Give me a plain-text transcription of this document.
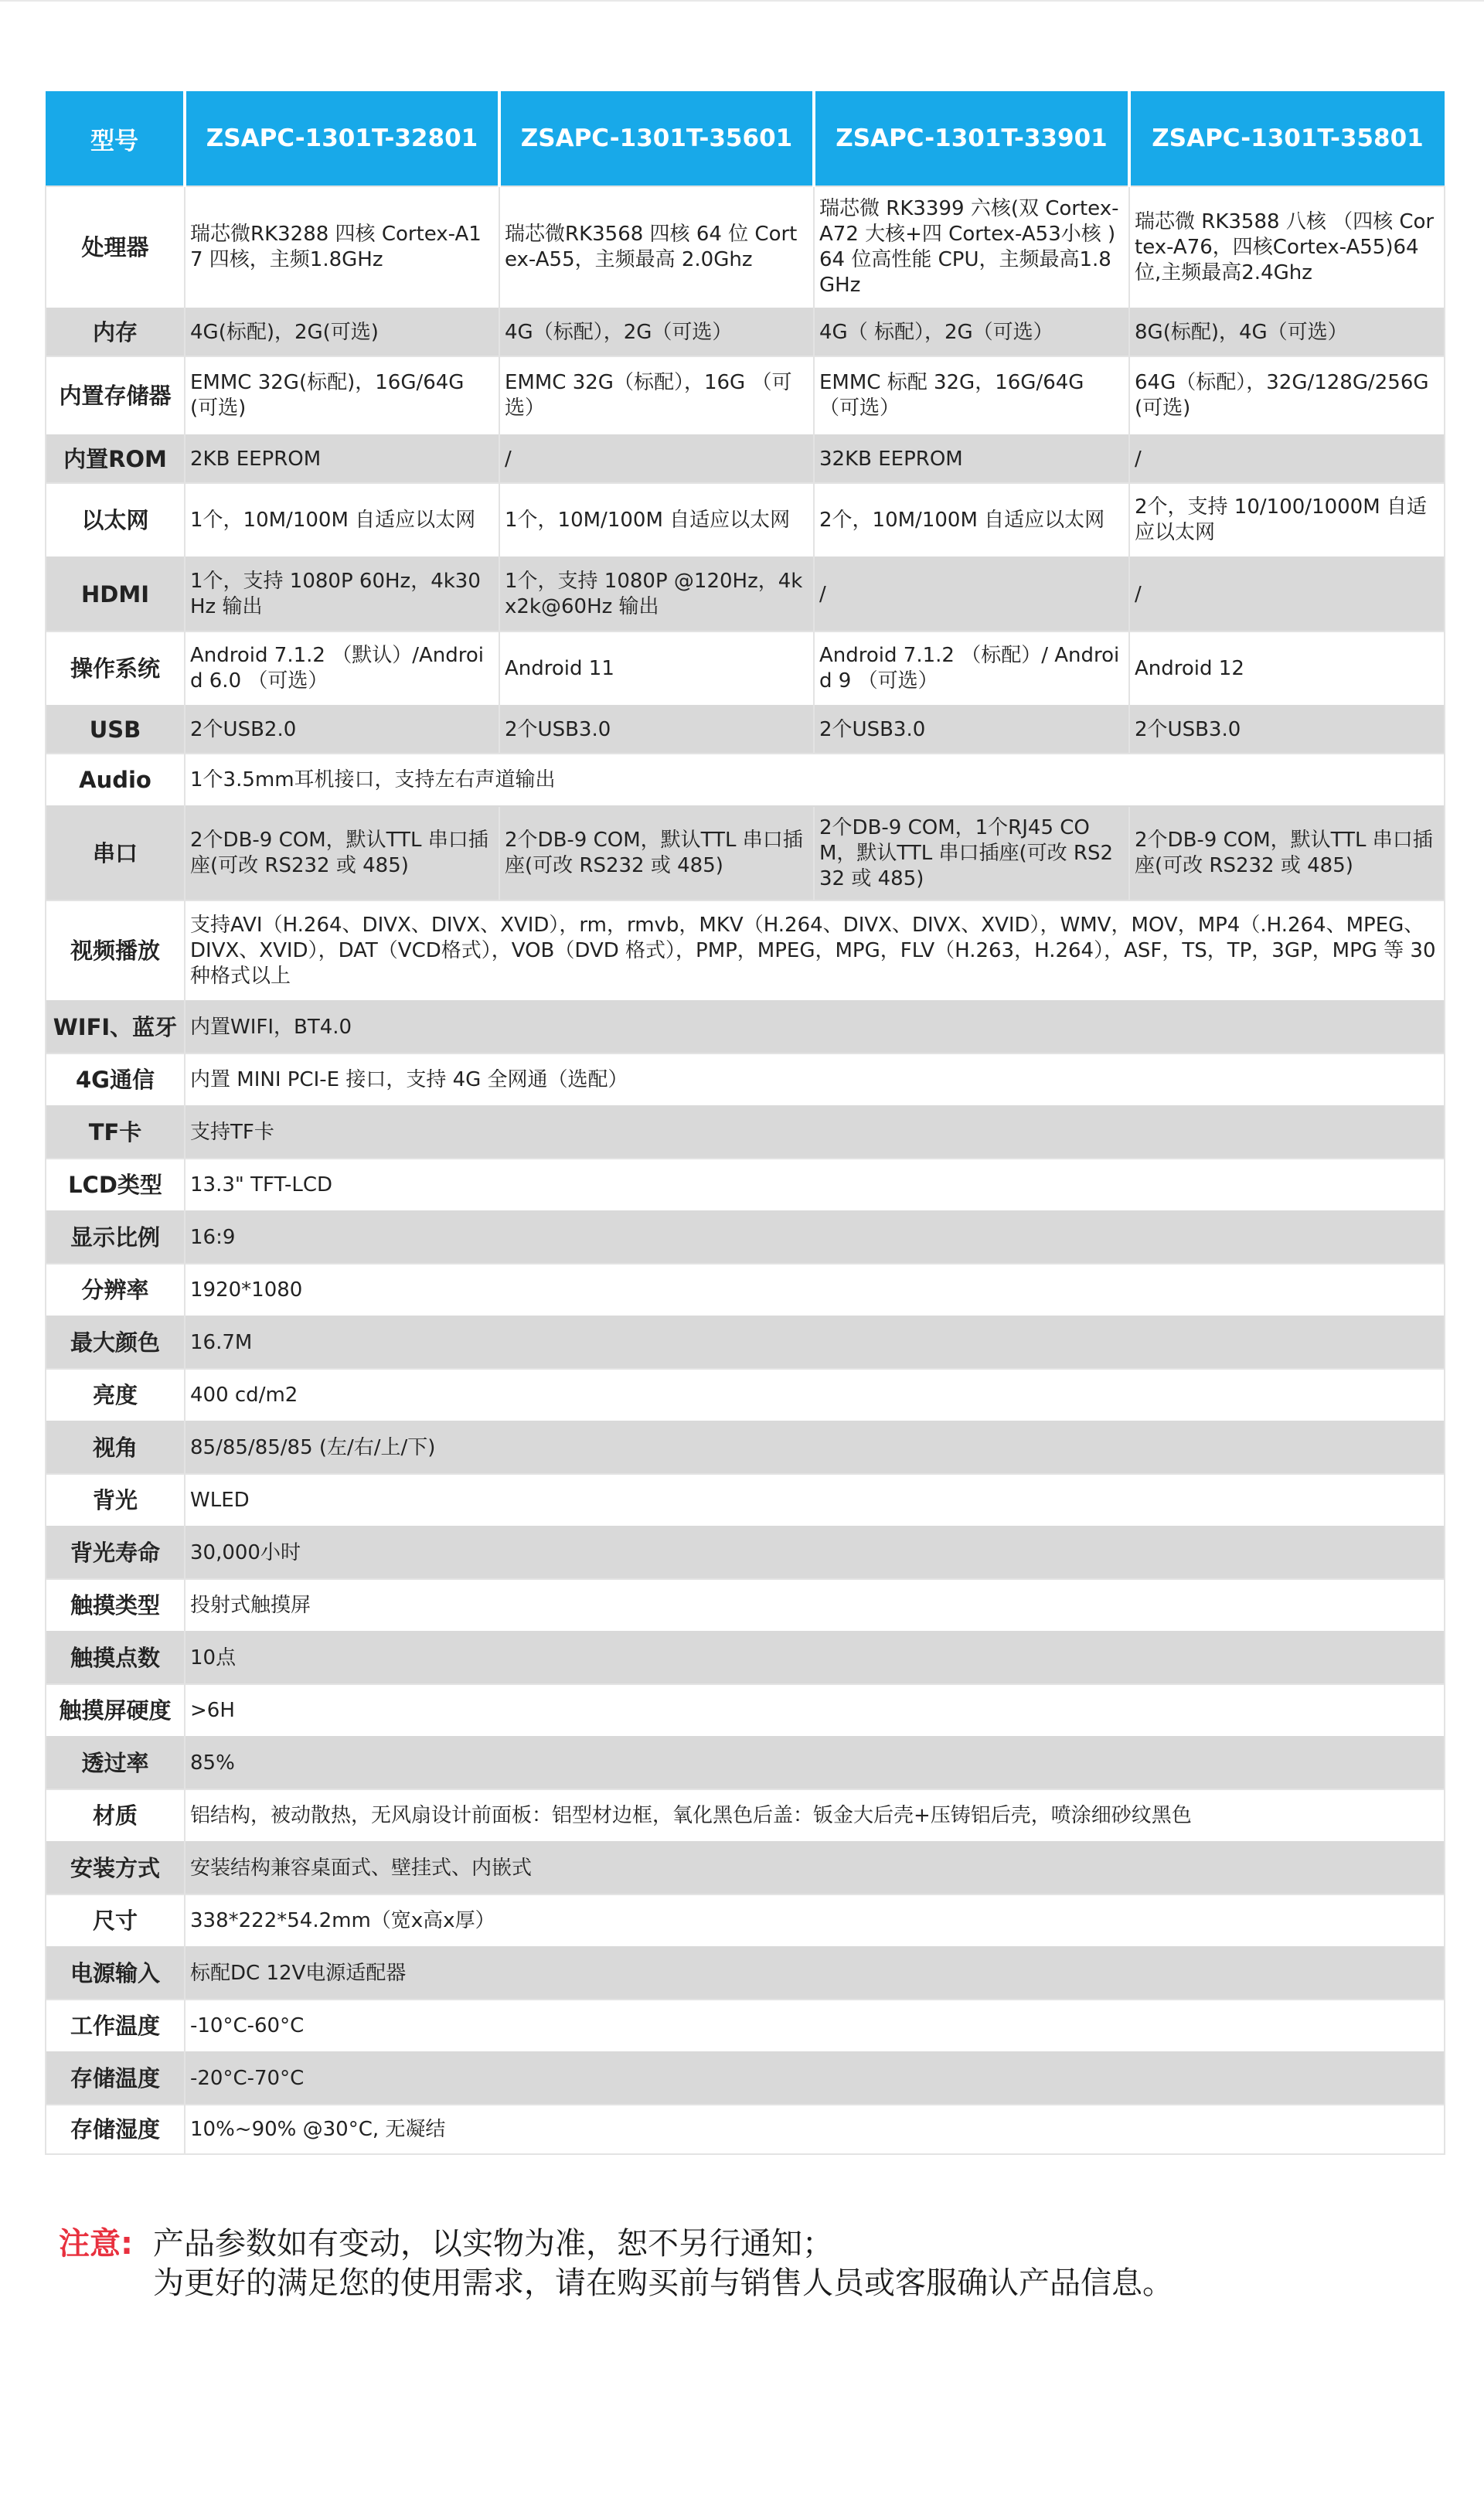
型号	ZSAPC-1301T-32801	ZSAPC-1301T-35601	ZSAPC-1301T-33901	ZSAPC-1301T-35801
处理器	瑞芯微RK3288 四核 Cortex-A17 四核，主频1.8GHz	瑞芯微RK3568 四核 64 位 Cortex-A55，主频最高 2.0Ghz	瑞芯微 RK3399 六核(双 Cortex-A72 大核+四 Cortex-A53小核 )64 位高性能 CPU，主频最高1.8GHz	瑞芯微 RK3588 八核 （四核 Cortex-A76，四核Cortex-A55)64位,主频最高2.4Ghz
内存	4G(标配)，2G(可选)	4G（标配），2G（可选）	4G（ 标配），2G（可选）	8G(标配)，4G（可选）
内置存储器	EMMC 32G(标配)，16G/64G (可选)	EMMC 32G（标配），16G （可选）	EMMC 标配 32G，16G/64G （可选）	64G（标配），32G/128G/256G(可选)
内置ROM	2KB EEPROM	/	32KB EEPROM	/
以太网	1个，10M/100M 自适应以太网	1个，10M/100M 自适应以太网	2个，10M/100M 自适应以太网	2个，支持 10/100/1000M 自适应以太网
HDMI	1个，支持 1080P 60Hz，4k30Hz 输出	1个，支持 1080P @120Hz，4kx2k@60Hz 输出	/	/
操作系统	Android 7.1.2 （默认）/Android 6.0 （可选）	Android 11	Android 7.1.2 （标配）/ Android 9 （可选）	Android 12
USB	2个USB2.0	2个USB3.0	2个USB3.0	2个USB3.0
Audio	1个3.5mm耳机接口，支持左右声道输出			
串口	2个DB-9 COM，默认TTL 串口插座(可改 RS232 或 485)	2个DB-9 COM，默认TTL 串口插座(可改 RS232 或 485)	2个DB-9 COM，1个RJ45 COM，默认TTL 串口插座(可改 RS232 或 485)	2个DB-9 COM，默认TTL 串口插座(可改 RS232 或 485)
视频播放	支持AVI（H.264、DIVX、DIVX、XVID），rm，rmvb，MKV（H.264、DIVX、DIVX、XVID），WMV，MOV，MP4（.H.264、MPEG、DIVX、XVID），DAT（VCD格式），VOB（DVD 格式），PMP，MPEG，MPG，FLV（H.263，H.264），ASF，TS，TP，3GP，MPG 等 30 种格式以上			
WIFI、蓝牙	内置WIFI，BT4.0			
4G通信	内置 MINI PCI-E 接口，支持 4G 全网通（选配）			
TF卡	支持TF卡			
LCD类型	13.3" TFT-LCD			
显示比例	16:9			
分辨率	1920*1080			
最大颜色	16.7M			
亮度	400 cd/m2			
视角	85/85/85/85 (左/右/上/下)			
背光	WLED			
背光寿命	30,000小时			
触摸类型	投射式触摸屏			
触摸点数	10点			
触摸屏硬度	>6H			
透过率	85%			
材质	铝结构，被动散热，无风扇设计前面板：铝型材边框，氧化黑色后盖：钣金大后壳+压铸铝后壳，喷涂细砂纹黑色			
安装方式	安装结构兼容桌面式、壁挂式、内嵌式			
尺寸	338*222*54.2mm（宽x高x厚）			
电源输入	标配DC 12V电源适配器			
工作温度	-10°C-60°C			
存储温度	-20°C-70°C			
存储湿度	10%~90% @30°C, 无凝结			
注意: 产品参数如有变动，以实物为准，恕不另行通知；
为更好的满足您的使用需求，请在购买前与销售人员或客服确认产品信息。
